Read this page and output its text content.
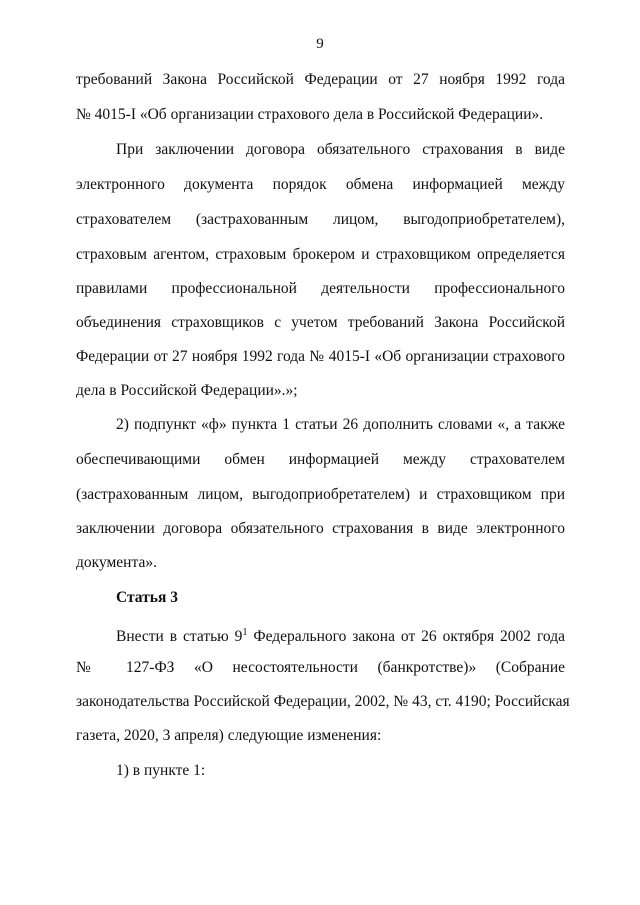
9
требований Закона Российской Федерации от 27 ноября 1992 года
№ 4015-I «Об организации страхового дела в Российской Федерации».
При заключении договора обязательного страхования в виде
электронного документа порядок обмена информацией между
страхователем (застрахованным лицом, выгодоприобретателем),
страховым агентом, страховым брокером и страховщиком определяется
правилами профессиональной деятельности профессионального
объединения страховщиков с учетом требований Закона Российской
Федерации от 27 ноября 1992 года № 4015-I «Об организации страхового
дела в Российской Федерации».»;
2) подпункт «ф» пункта 1 статьи 26 дополнить словами «, а также
обеспечивающими обмен информацией между страхователем
(застрахованным лицом, выгодоприобретателем) и страховщиком при
заключении договора обязательного страхования в виде электронного
документа».
Статья 3
Внести в статью $9^1$ Федерального закона от 26 октября 2002 года
№ 127-ФЗ «О несостоятельности (банкротстве)» (Собрание
законодательства Российской Федерации, 2002, № 43, ст. 4190; Российская
газета, 2020, 3 апреля) следующие изменения:
1) в пункте 1:
